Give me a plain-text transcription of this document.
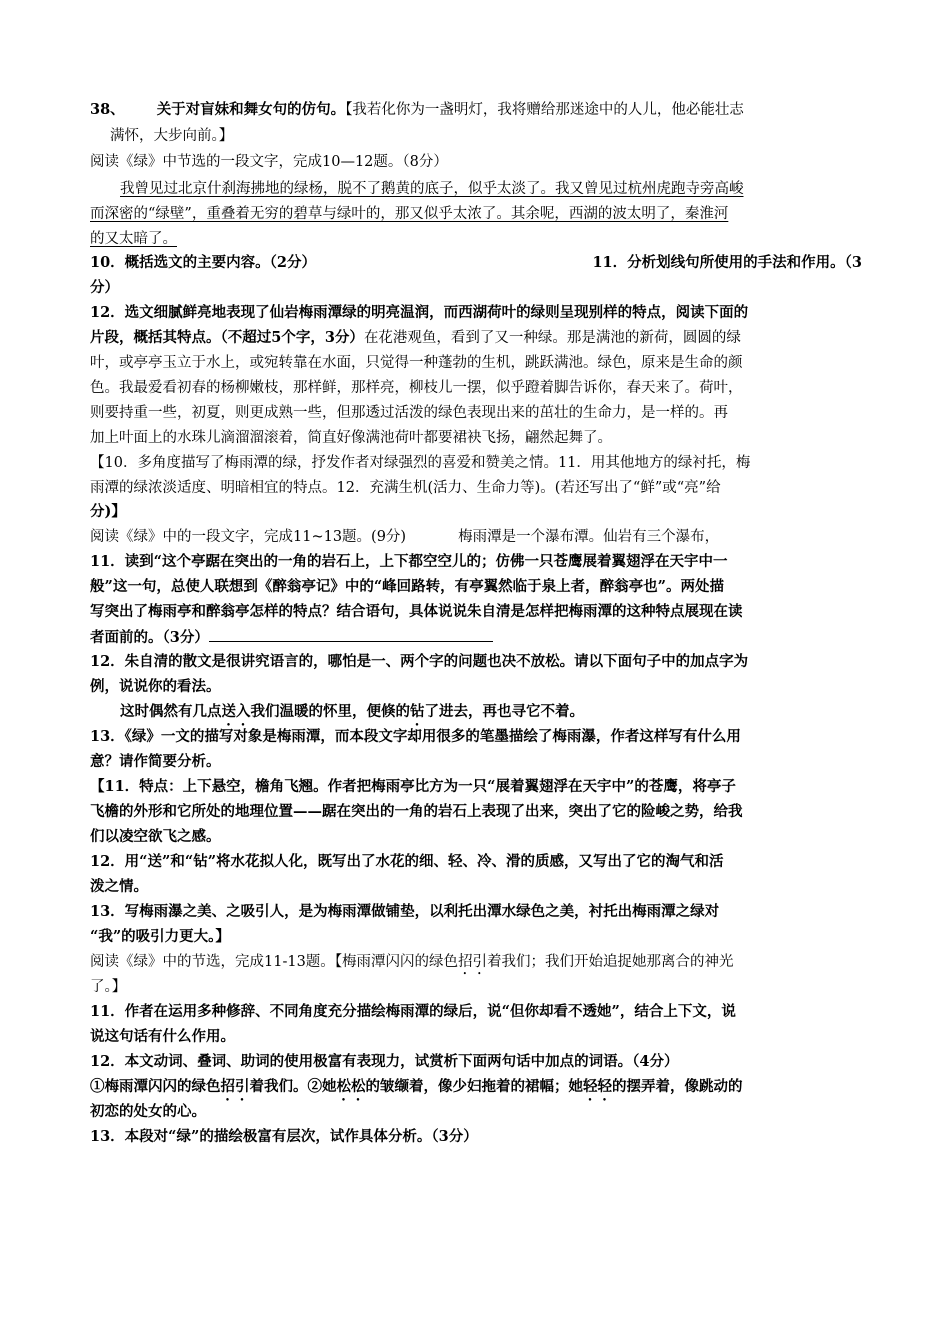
38、 关于对盲妹和舞女句的仿句。【我若化你为一盏明灯，我将赠给那迷途中的人儿，他必能壮志
满怀，大步向前。】
阅读《绿》中节选的一段文字，完成10—12题。（8分）
我曾见过北京什刹海拂地的绿杨，脱不了鹅黄的底子，似乎太淡了。我又曾见过杭州虎跑寺旁高峻
而深密的“绿壁”，重叠着无穷的碧草与绿叶的，那又似乎太浓了。其余呢，西湖的波太明了，秦淮河
的又太暗了。
10．概括选文的主要内容。（2分）	11．分析划线句所使用的手法和作用。（3
分）
12．选文细腻鲜亮地表现了仙岩梅雨潭绿的明亮温润，而西湖荷叶的绿则呈现别样的特点，阅读下面的
片段，概括其特点。（不超过5个字，3分）在花港观鱼，看到了又一种绿。那是满池的新荷，圆圆的绿
叶，或亭亭玉立于水上，或宛转靠在水面，只觉得一种蓬勃的生机，跳跃满池。绿色，原来是生命的颜
色。我最爱看初春的杨柳嫩枝，那样鲜，那样亮，柳枝儿一摆，似乎蹬着脚告诉你，春天来了。荷叶，
则要持重一些，初夏，则更成熟一些，但那透过活泼的绿色表现出来的茁壮的生命力，是一样的。再
加上叶面上的水珠儿滴溜溜滚着，简直好像满池荷叶都要裙袂飞扬，翩然起舞了。
【10．多角度描写了梅雨潭的绿，抒发作者对绿强烈的喜爱和赞美之情。11．用其他地方的绿衬托，梅
雨潭的绿浓淡适度、明暗相宜的特点。12．充满生机(活力、生命力等)。(若还写出了“鲜”或“亮”给
分)】
阅读《绿》中的一段文字，完成11~13题。(9分)	梅雨潭是一个瀑布潭。仙岩有三个瀑布，
11．读到“这个亭踞在突出的一角的岩石上，上下都空空儿的；仿佛一只苍鹰展着翼翅浮在天宇中一
般”这一句，总使人联想到《醉翁亭记》中的“峰回路转，有亭翼然临于泉上者，醉翁亭也”。两处描
写突出了梅雨亭和醉翁亭怎样的特点？结合语句，具体说说朱自清是怎样把梅雨潭的这种特点展现在读
者面前的。（3分）
12．朱自清的散文是很讲究语言的，哪怕是一、两个字的问题也决不放松。请以下面句子中的加点字为
例，说说你的看法。
这时偶然有几点送入我们温暖的怀里，便倏的钻了进去，再也寻它不着。
13．《绿》一文的描写对象是梅雨潭，而本段文字却用很多的笔墨描绘了梅雨瀑，作者这样写有什么用
意？请作简要分析。
【11．特点：上下悬空，檐角飞翘。作者把梅雨亭比方为一只“展着翼翅浮在天宇中”的苍鹰，将亭子
飞檐的外形和它所处的地理位置——踞在突出的一角的岩石上表现了出来，突出了它的险峻之势，给我
们以凌空欲飞之感。
12．用“送”和“钻”将水花拟人化，既写出了水花的细、轻、冷、滑的质感，又写出了它的淘气和活
泼之情。
13．写梅雨瀑之美、之吸引人，是为梅雨潭做铺垫，以利托出潭水绿色之美，衬托出梅雨潭之绿对
“我”的吸引力更大。】
阅读《绿》中的节选，完成11-13题。【梅雨潭闪闪的绿色招引着我们；我们开始追捉她那离合的神光
了。】
11．作者在运用多种修辞、不同角度充分描绘梅雨潭的绿后，说“但你却看不透她”，结合上下文，说
说这句话有什么作用。
12．本文动词、叠词、助词的使用极富有表现力，试赏析下面两句话中加点的词语。（4分）
①梅雨潭闪闪的绿色招引着我们。②她松松的皱缬着，像少妇拖着的裙幅；她轻轻的摆弄着，像跳动的
初恋的处女的心。
13．本段对“绿”的描绘极富有层次，试作具体分析。（3分）
